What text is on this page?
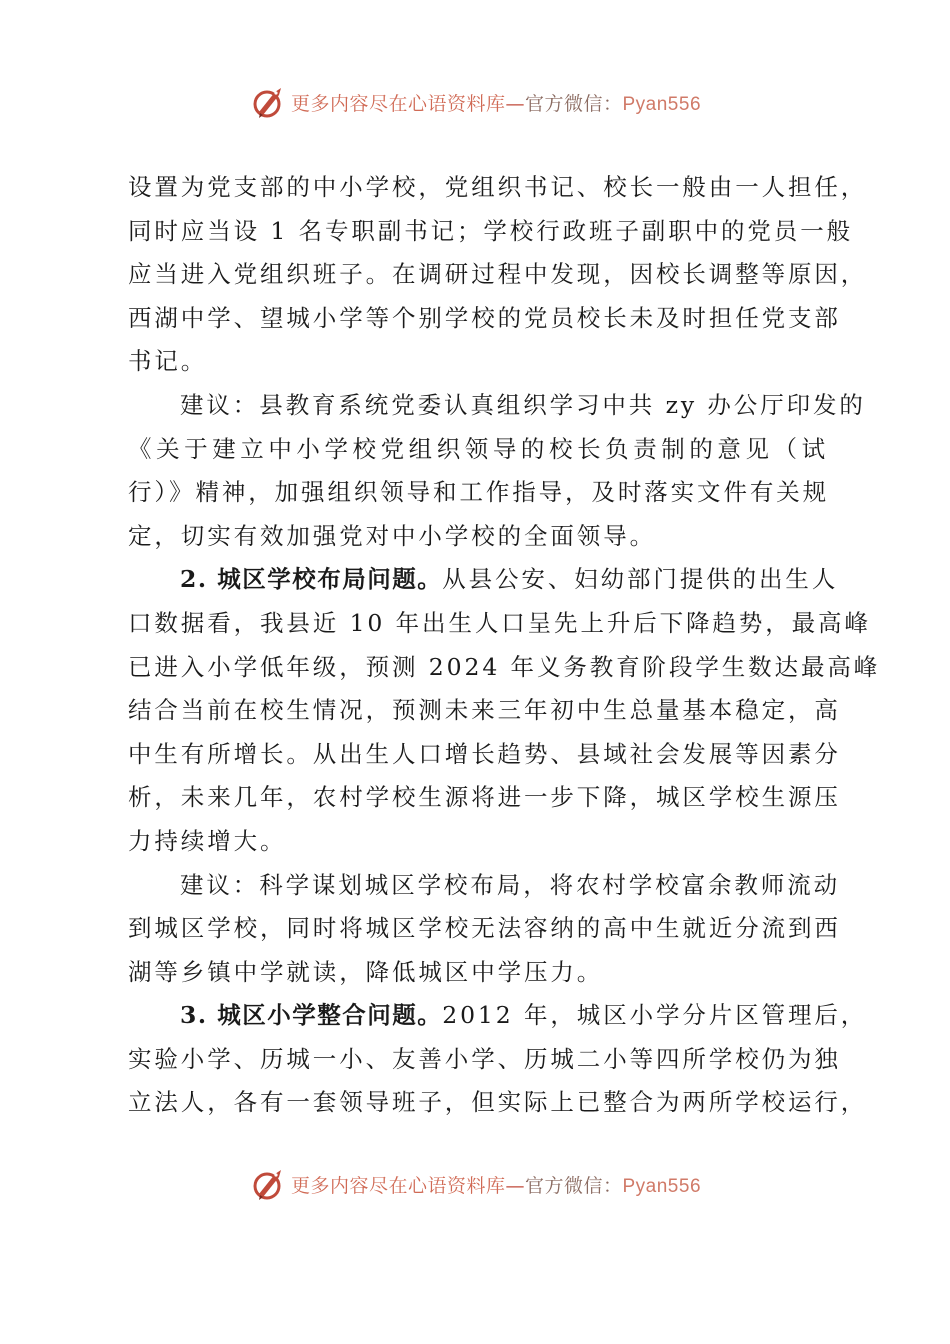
更多内容尽在心语资料库—官方微信：Pyan556

设置为党支部的中小学校，党组织书记、校长一般由一人担任，
同时应当设 1 名专职副书记；学校行政班子副职中的党员一般
应当进入党组织班子。在调研过程中发现，因校长调整等原因，
西湖中学、望城小学等个别学校的党员校长未及时担任党支部
书记。

建议：县教育系统党委认真组织学习中共 zy 办公厅印发的
《关于建立中小学校党组织领导的校长负责制的意见（试
行）》精神，加强组织领导和工作指导，及时落实文件有关规
定，切实有效加强党对中小学校的全面领导。

2. 城区学校布局问题。从县公安、妇幼部门提供的出生人
口数据看，我县近 10 年出生人口呈先上升后下降趋势，最高峰
已进入小学低年级，预测 2024 年义务教育阶段学生数达最高峰
结合当前在校生情况，预测未来三年初中生总量基本稳定，高
中生有所增长。从出生人口增长趋势、县域社会发展等因素分
析，未来几年，农村学校生源将进一步下降，城区学校生源压
力持续增大。

建议：科学谋划城区学校布局，将农村学校富余教师流动
到城区学校，同时将城区学校无法容纳的高中生就近分流到西
湖等乡镇中学就读，降低城区中学压力。

3. 城区小学整合问题。2012 年，城区小学分片区管理后，
实验小学、历城一小、友善小学、历城二小等四所学校仍为独
立法人，各有一套领导班子，但实际上已整合为两所学校运行，

更多内容尽在心语资料库—官方微信：Pyan556
